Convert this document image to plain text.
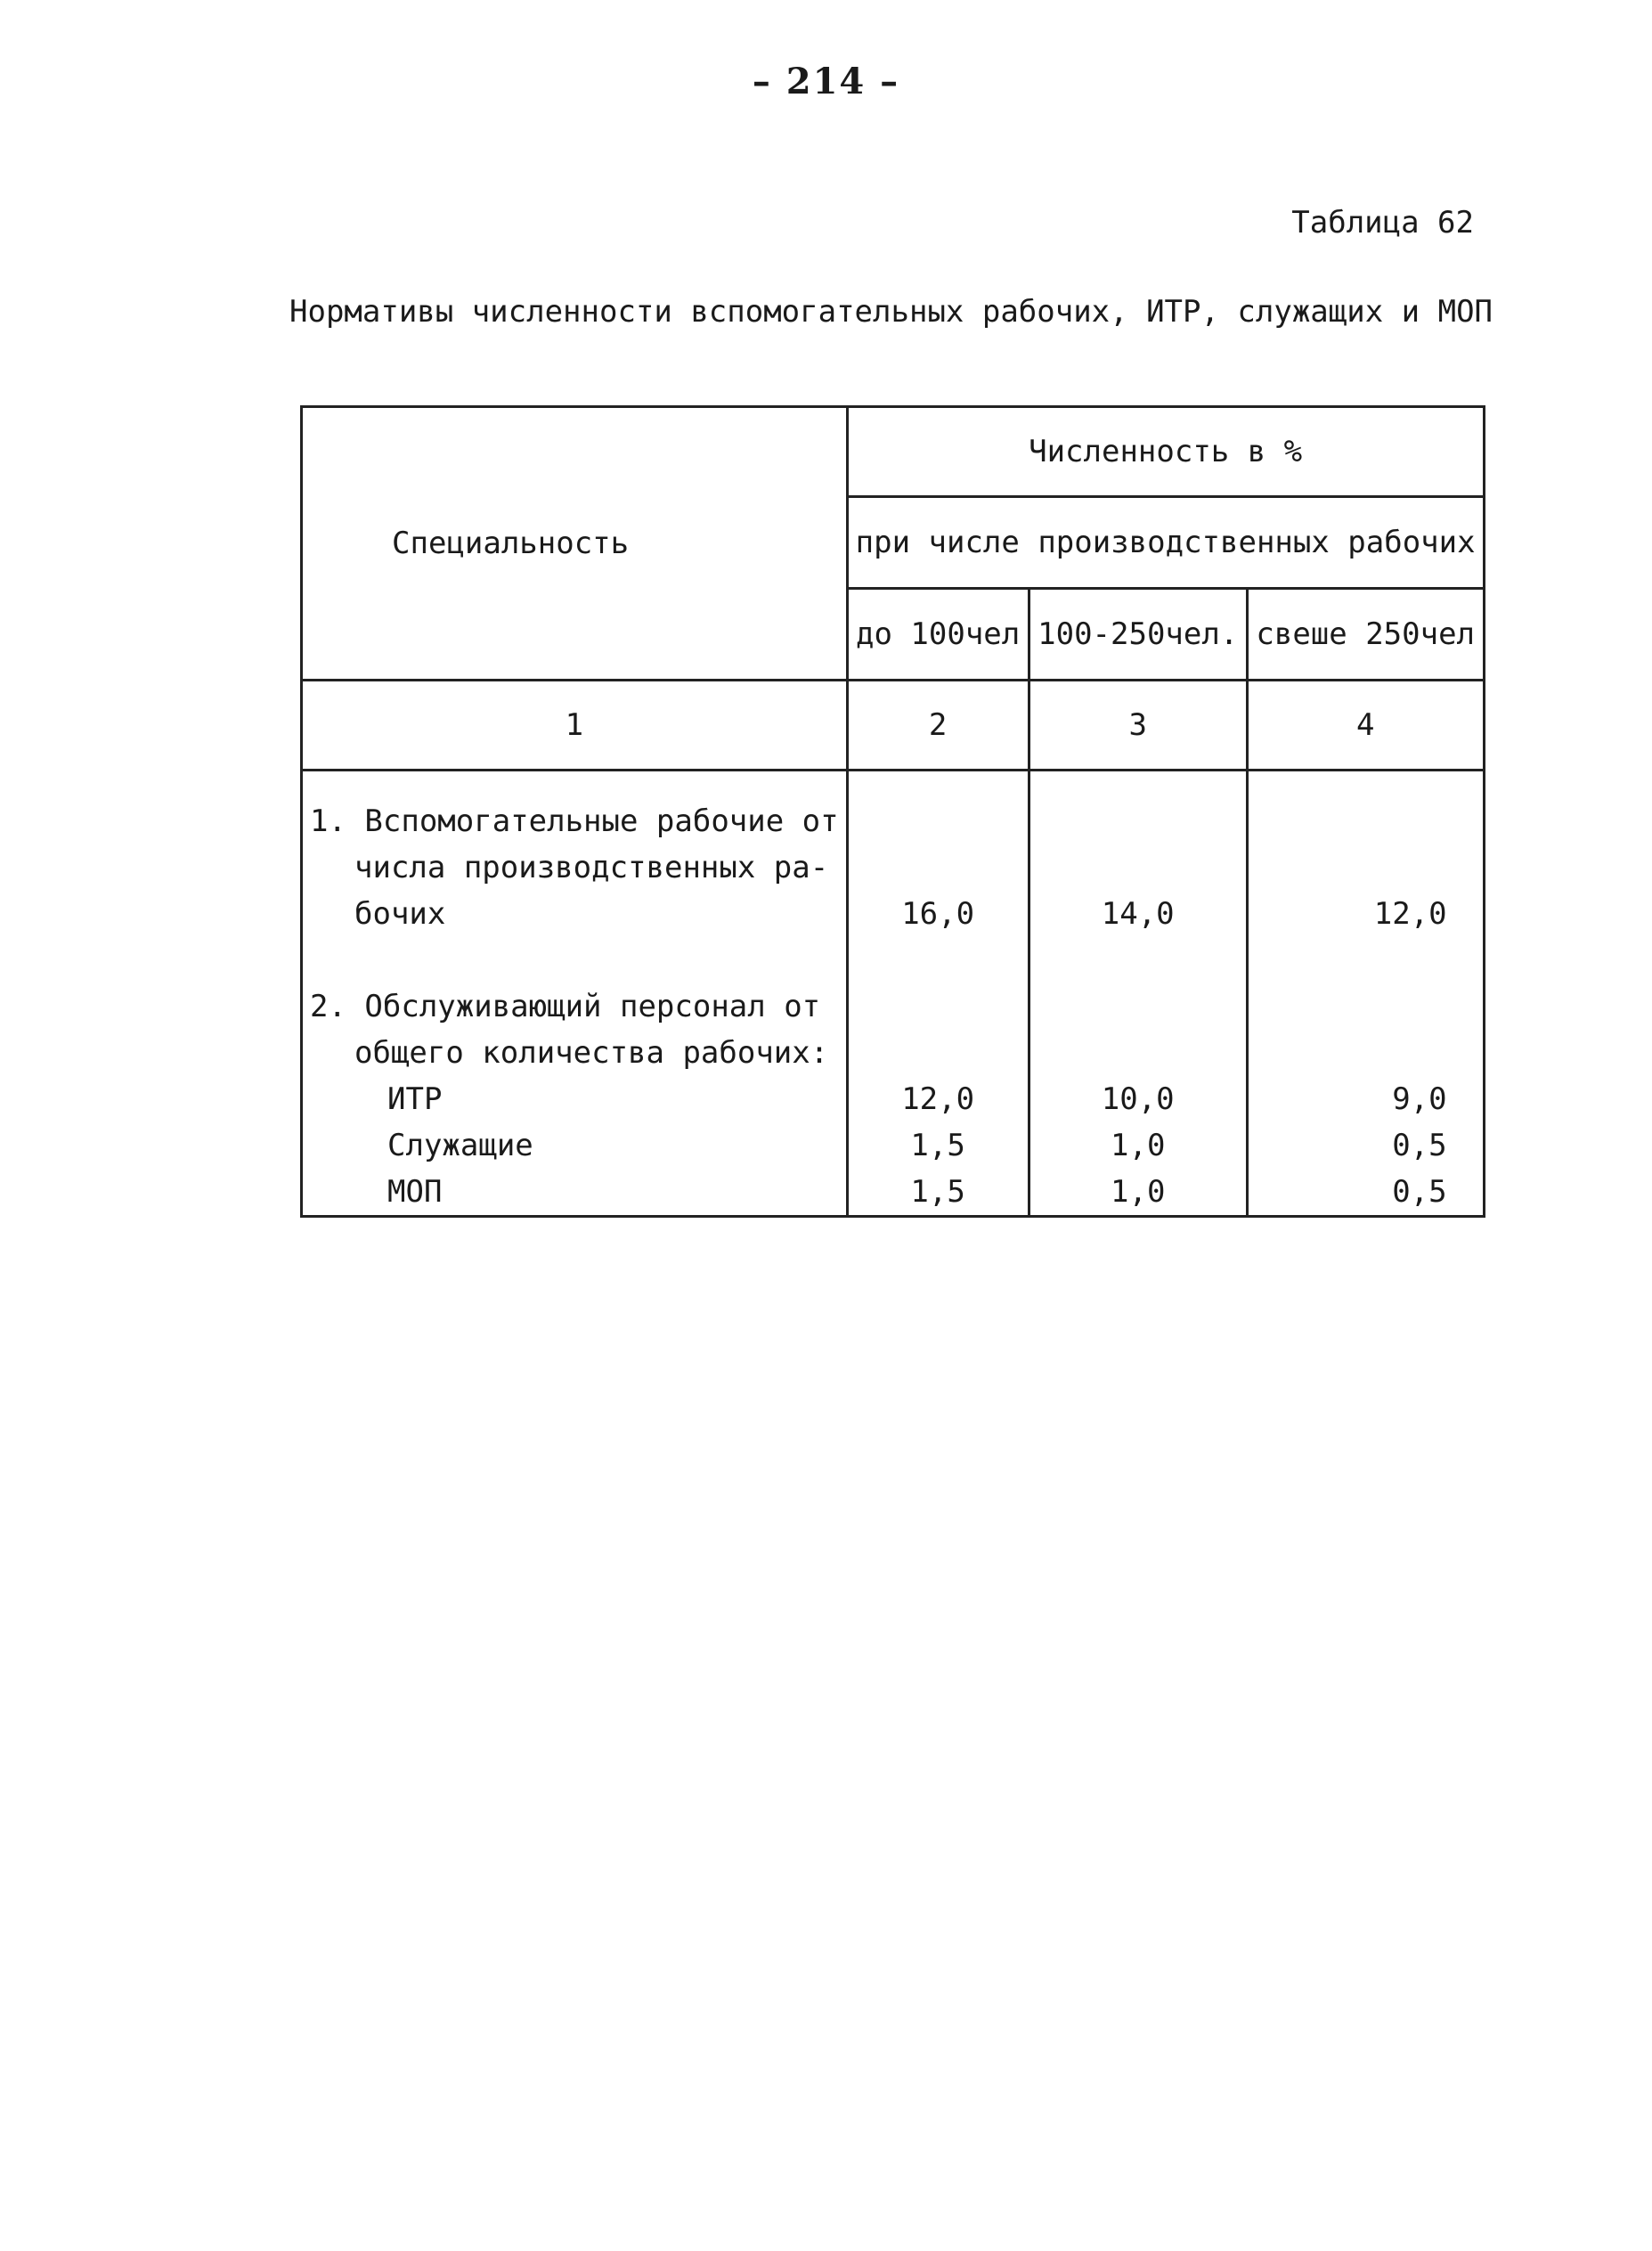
– 214 –
Таблица 62
Нормативы численности вспомогательных рабочих, ИТР, служащих и МОП
Специальность	Численность в %		
	при числе производственных рабочих		
	до 100чел	100-250чел.	свеше 250чел
1	2	3	4

1. Вспомогательные рабочие от			
числа производственных ра-			
бочих	16,0	14,0	12,0

2. Обслуживающий персонал от			
общего количества рабочих:			
ИТР	12,0	10,0	9,0
Служащие	1,5	1,0	0,5
МОП	1,5	1,0	0,5
